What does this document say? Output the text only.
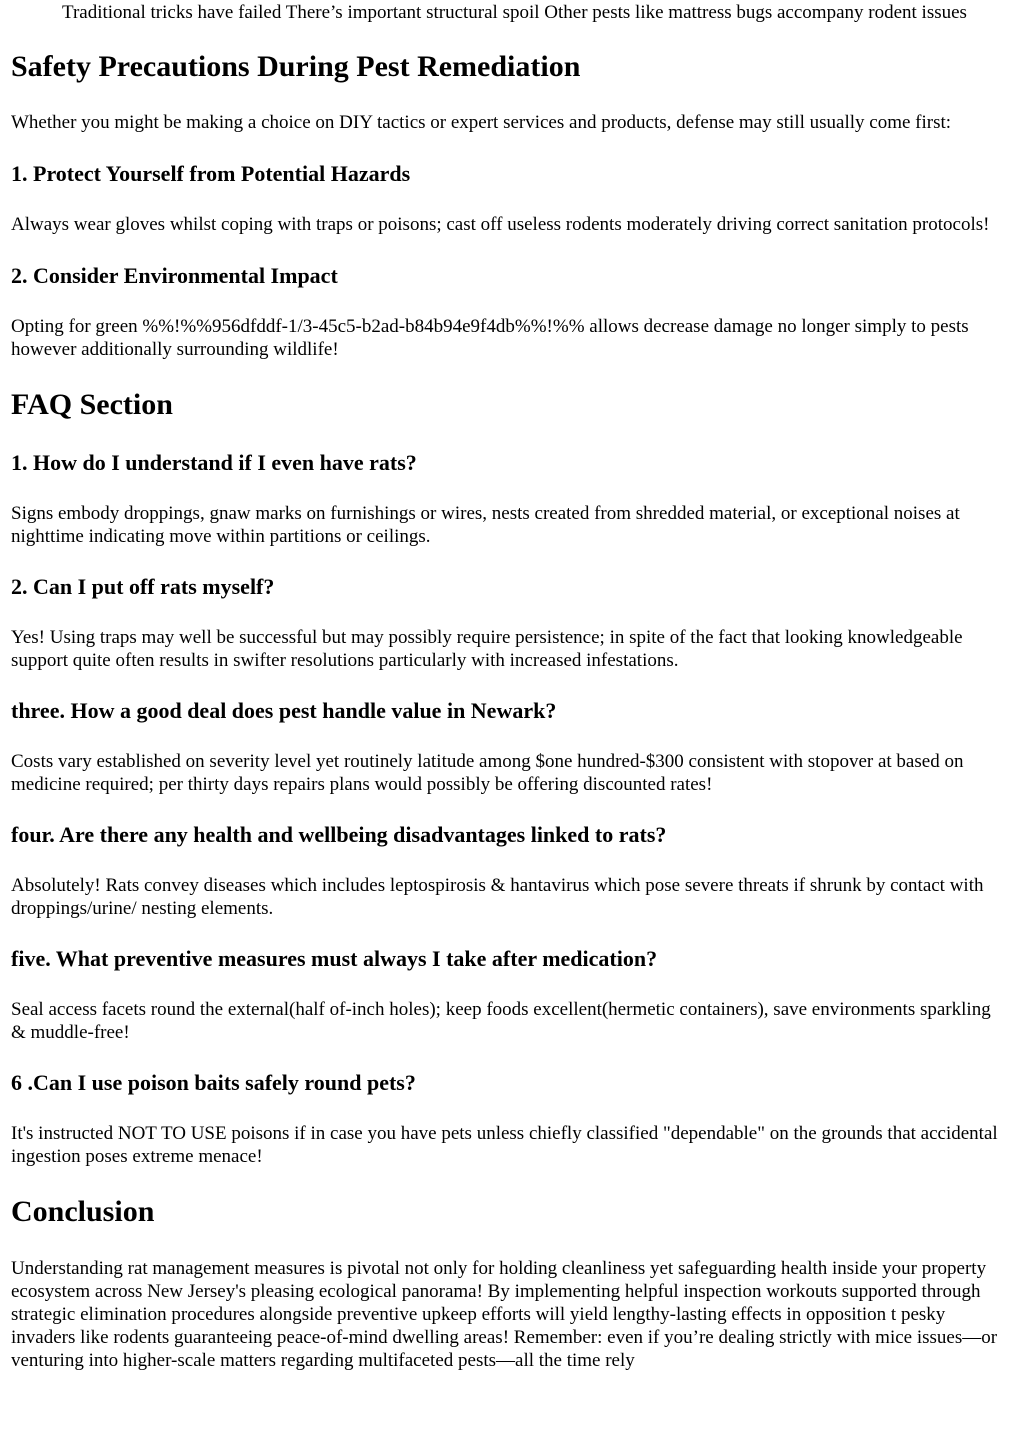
Traditional tricks have failed There’s important structural spoil Other pests like mattress bugs accompany rodent issues
Safety Precautions During Pest Remediation

Whether you might be making a choice on DIY tactics or expert services and products, defense may still usually come first:

1. Protect Yourself from Potential Hazards

Always wear gloves whilst coping with traps or poisons; cast off useless rodents moderately driving correct sanitation protocols!

2. Consider Environmental Impact

Opting for green %%!%%956dfddf-1/3-45c5-b2ad-b84b94e9f4db%%!%% allows decrease damage no longer simply to pests however additionally surrounding wildlife!

FAQ Section
1. How do I understand if I even have rats?

Signs embody droppings, gnaw marks on furnishings or wires, nests created from shredded material, or exceptional noises at nighttime indicating move within partitions or ceilings.

2. Can I put off rats myself?

Yes! Using traps may well be successful but may possibly require persistence; in spite of the fact that looking knowledgeable support quite often results in swifter resolutions particularly with increased infestations.

three. How a good deal does pest handle value in Newark?

Costs vary established on severity level yet routinely latitude among $one hundred-$300 consistent with stopover at based on medicine required; per thirty days repairs plans would possibly be offering discounted rates!

four. Are there any health and wellbeing disadvantages linked to rats?

Absolutely! Rats convey diseases which includes leptospirosis & hantavirus which pose severe threats if shrunk by contact with droppings/urine/ nesting elements.

five. What preventive measures must always I take after medication?

Seal access facets round the external(half of-inch holes); keep foods excellent(hermetic containers), save environments sparkling & muddle-free!

6 .Can I use poison baits safely round pets?

It's instructed NOT TO USE poisons if in case you have pets unless chiefly classified "dependable" on the grounds that accidental ingestion poses extreme menace!

Conclusion

Understanding rat management measures is pivotal not only for holding cleanliness yet safeguarding health inside your property ecosystem across New Jersey's pleasing ecological panorama! By implementing helpful inspection workouts supported through strategic elimination procedures alongside preventive upkeep efforts will yield lengthy-lasting effects in opposition t pesky invaders like rodents guaranteeing peace-of-mind dwelling areas! Remember: even if you’re dealing strictly with mice issues—or venturing into higher-scale matters regarding multifaceted pests—all the time rely
